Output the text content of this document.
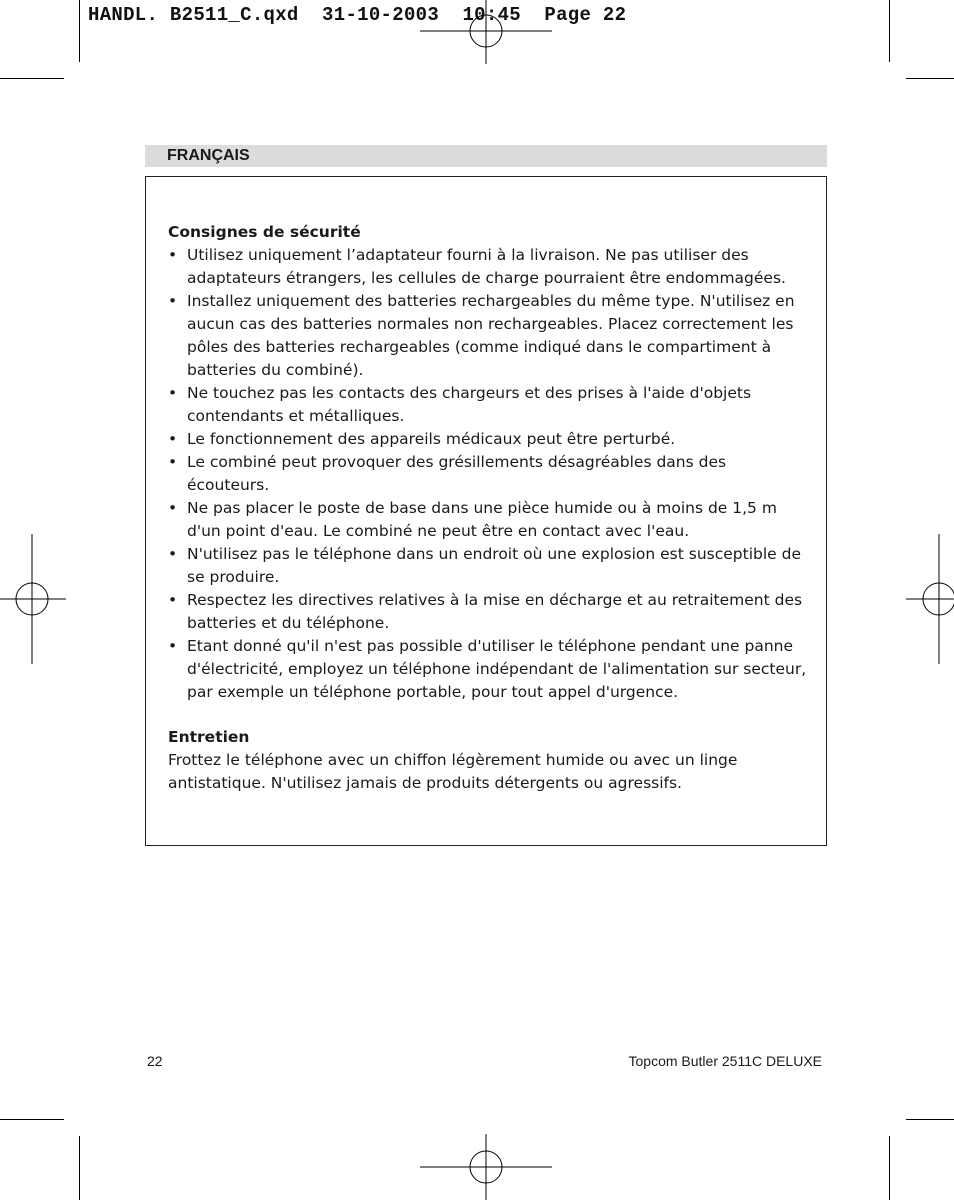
HANDL. B2511_C.qxd  31-10-2003  10:45  Page 22
FRANÇAIS
Consignes de sécurité
• Utilisez uniquement l’adaptateur fourni à la livraison. Ne pas utiliser des adaptateurs étrangers, les cellules de charge pourraient être endommagées.
• Installez uniquement des batteries rechargeables du même type. N'utilisez en aucun cas des batteries normales non rechargeables. Placez correctement les pôles des batteries rechargeables (comme indiqué dans le compartiment à batteries du combiné).
• Ne touchez pas les contacts des chargeurs et des prises à l'aide d'objets contendants et métalliques.
• Le fonctionnement des appareils médicaux peut être perturbé.
• Le combiné peut provoquer des grésillements désagréables dans des écouteurs.
• Ne pas placer le poste de base dans une pièce humide ou à moins de 1,5 m d'un point d'eau. Le combiné ne peut être en contact avec l'eau.
• N'utilisez pas le téléphone dans un endroit où une explosion est susceptible de se produire.
• Respectez les directives relatives à la mise en décharge et au retraitement des batteries et du téléphone.
• Etant donné qu'il n'est pas possible d'utiliser le téléphone pendant une panne d'électricité, employez un téléphone indépendant de l'alimentation sur secteur, par exemple un téléphone portable, pour tout appel d'urgence.
Entretien
Frottez le téléphone avec un chiffon légèrement humide ou avec un linge antistatique. N'utilisez jamais de produits détergents ou agressifs.
22	Topcom Butler 2511C DELUXE
